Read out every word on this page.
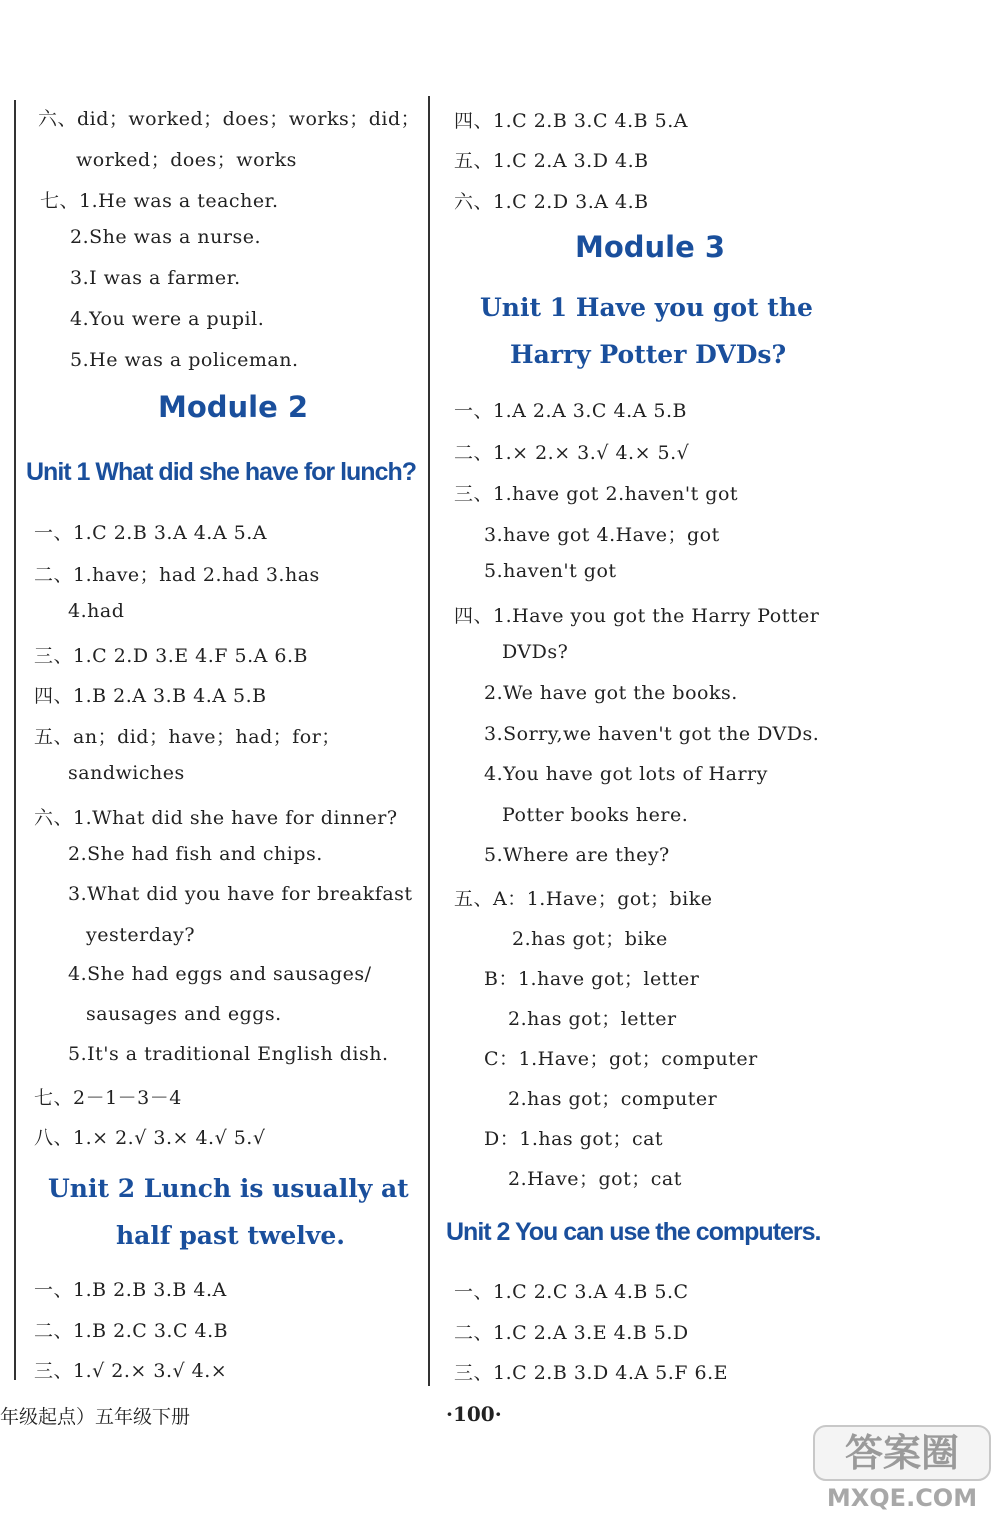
六、did；worked；does；works；did；
worked；does；works
七、1.He was a teacher.
2.She was a nurse.
3.I was a farmer.
4.You were a pupil.
5.He was a policeman.
Module 2
Unit 1 What did she have for lunch?
一、1.C 2.B 3.A 4.A 5.A
二、1.have；had 2.had 3.has
4.had
三、1.C 2.D 3.E 4.F 5.A 6.B
四、1.B 2.A 3.B 4.A 5.B
五、an；did；have；had；for；
sandwiches
六、1.What did she have for dinner?
2.She had fish and chips.
3.What did you have for breakfast
yesterday?
4.She had eggs and sausages/
sausages and eggs.
5.It's a traditional English dish.
七、2－1－3－4
八、1.× 2.√ 3.× 4.√ 5.√
Unit 2 Lunch is usually at
half past twelve.
一、1.B 2.B 3.B 4.A
二、1.B 2.C 3.C 4.B
三、1.√ 2.× 3.√ 4.×
四、1.C 2.B 3.C 4.B 5.A
五、1.C 2.A 3.D 4.B
六、1.C 2.D 3.A 4.B
Module 3
Unit 1 Have you got the
Harry Potter DVDs?
一、1.A 2.A 3.C 4.A 5.B
二、1.× 2.× 3.√ 4.× 5.√
三、1.have got 2.haven't got
3.have got 4.Have；got
5.haven't got
四、1.Have you got the Harry Potter
DVDs?
2.We have got the books.
3.Sorry,we haven't got the DVDs.
4.You have got lots of Harry
Potter books here.
5.Where are they?
五、A：1.Have；got；bike
2.has got；bike
B：1.have got；letter
2.has got；letter
C：1.Have；got；computer
2.has got；computer
D：1.has got；cat
2.Have；got；cat
Unit 2 You can use the computers.
一、1.C 2.C 3.A 4.B 5.C
二、1.C 2.A 3.E 4.B 5.D
三、1.C 2.B 3.D 4.A 5.F 6.E
年级起点）五年级下册	·100·
答案圈
MXQE.COM
